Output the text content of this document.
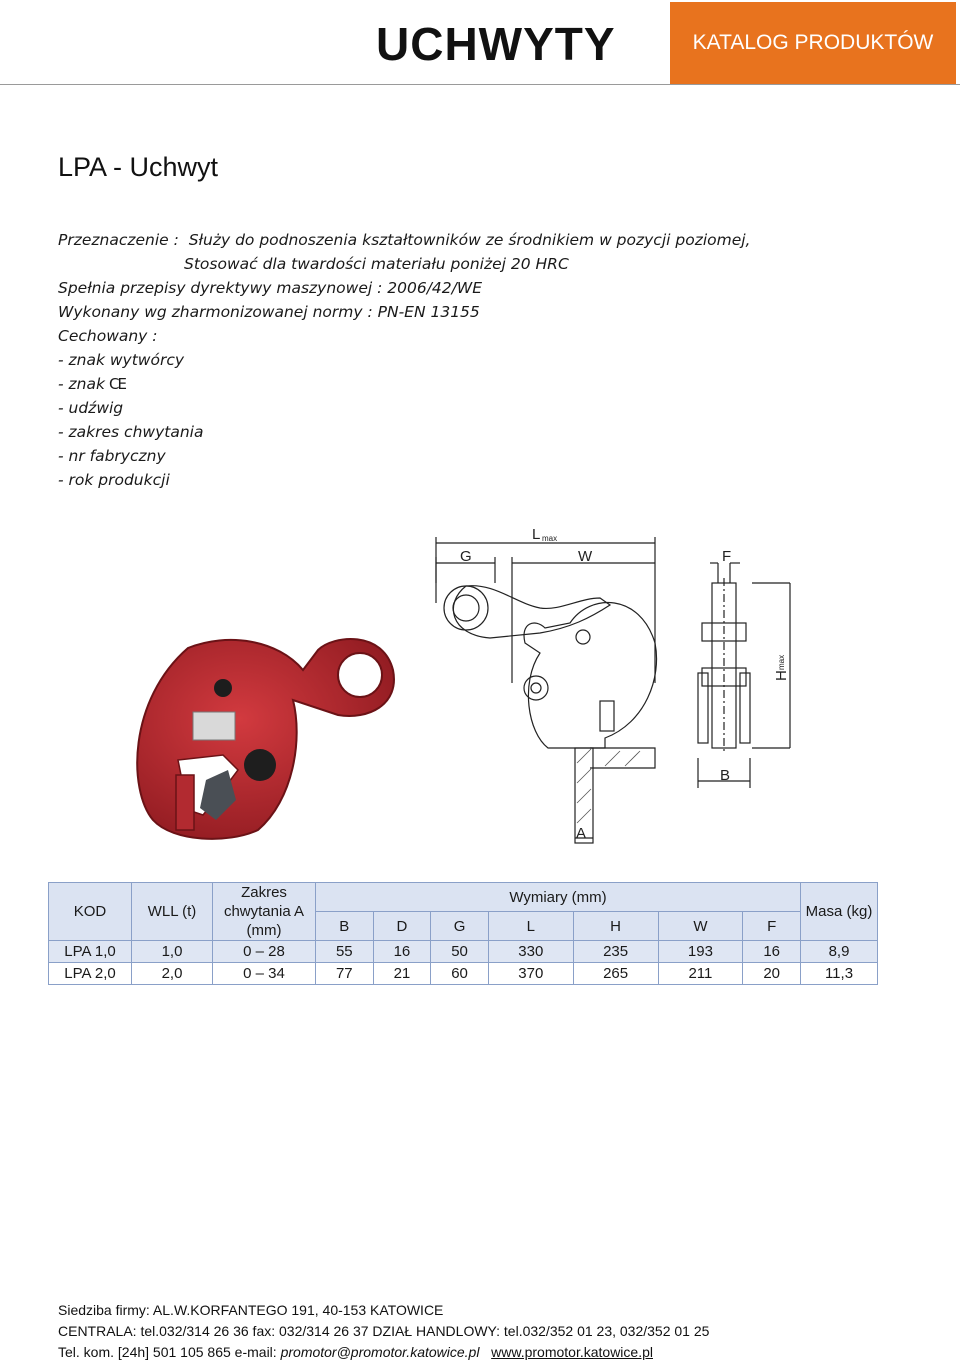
UCHWYTY	KATALOG PRODUKTÓW
LPA - Uchwyt
Przeznaczenie : Służy do podnoszenia kształtowników ze środnikiem w pozycji poziomej,
Stosować dla twardości materiału poniżej 20 HRC
Spełnia przepisy dyrektywy maszynowej : 2006/42/WE
Wykonany wg zharmonizowanej normy : PN-EN 13155
Cechowany :
- znak wytwórcy
- znak CE
- udźwig
- zakres chwytania
- nr fabryczny
- rok produkcji
G
L max
W	F
B
A
H
max
KOD	WLL (t)	Zakres chwytania A (mm)	Wymiary (mm)							Masa (kg)
			B	D	G	L	H	W	F	
LPA 1,0	1,0	0 – 28	55	16	50	330	235	193	16	8,9
LPA 2,0	2,0	0 – 34	77	21	60	370	265	211	20	11,3
Siedziba firmy: AL.W.KORFANTEGO 191, 40-153 KATOWICE
CENTRALA: tel.032/314 26 36 fax: 032/314 26 37 DZIAŁ HANDLOWY: tel.032/352 01 23, 032/352 01 25
Tel. kom. [24h] 501 105 865 e-mail: promotor@promotor.katowice.pl www.promotor.katowice.pl
